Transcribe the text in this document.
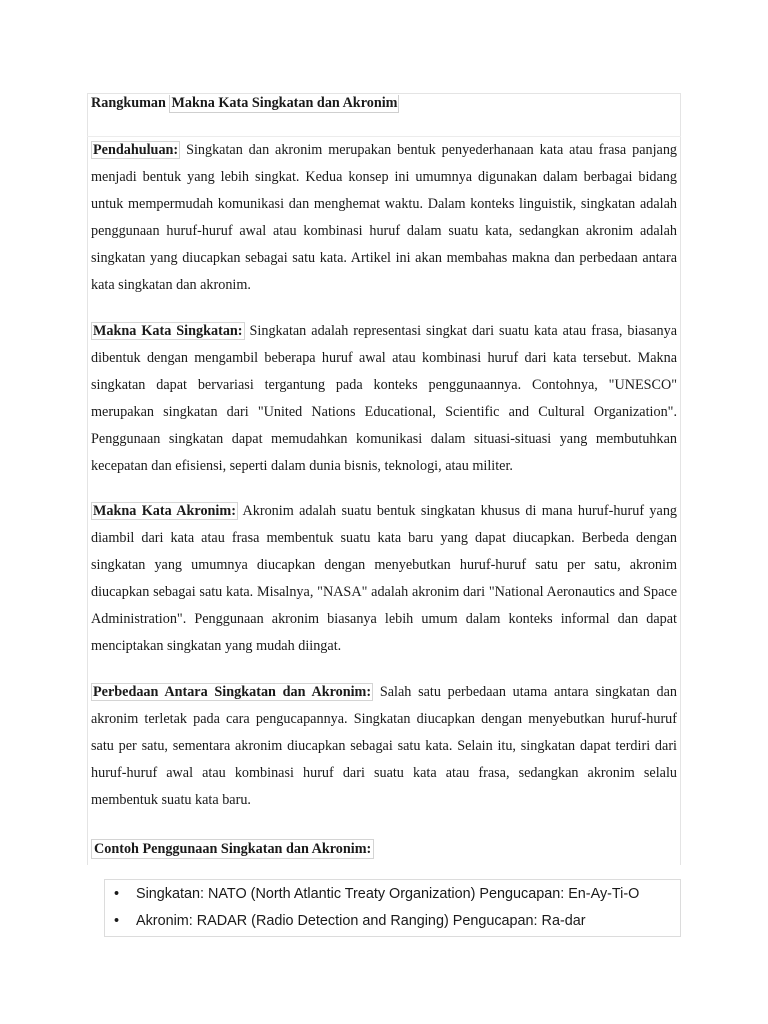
Rangkuman Makna Kata Singkatan dan Akronim

Pendahuluan: Singkatan dan akronim merupakan bentuk penyederhanaan kata atau frasa panjang menjadi bentuk yang lebih singkat. Kedua konsep ini umumnya digunakan dalam berbagai bidang untuk mempermudah komunikasi dan menghemat waktu. Dalam konteks linguistik, singkatan adalah penggunaan huruf-huruf awal atau kombinasi huruf dalam suatu kata, sedangkan akronim adalah singkatan yang diucapkan sebagai satu kata. Artikel ini akan membahas makna dan perbedaan antara kata singkatan dan akronim.

Makna Kata Singkatan: Singkatan adalah representasi singkat dari suatu kata atau frasa, biasanya dibentuk dengan mengambil beberapa huruf awal atau kombinasi huruf dari kata tersebut. Makna singkatan dapat bervariasi tergantung pada konteks penggunaannya. Contohnya, "UNESCO" merupakan singkatan dari "United Nations Educational, Scientific and Cultural Organization". Penggunaan singkatan dapat memudahkan komunikasi dalam situasi-situasi yang membutuhkan kecepatan dan efisiensi, seperti dalam dunia bisnis, teknologi, atau militer.

Makna Kata Akronim: Akronim adalah suatu bentuk singkatan khusus di mana huruf-huruf yang diambil dari kata atau frasa membentuk suatu kata baru yang dapat diucapkan. Berbeda dengan singkatan yang umumnya diucapkan dengan menyebutkan huruf-huruf satu per satu, akronim diucapkan sebagai satu kata. Misalnya, "NASA" adalah akronim dari "National Aeronautics and Space Administration". Penggunaan akronim biasanya lebih umum dalam konteks informal dan dapat menciptakan singkatan yang mudah diingat.

Perbedaan Antara Singkatan dan Akronim: Salah satu perbedaan utama antara singkatan dan akronim terletak pada cara pengucapannya. Singkatan diucapkan dengan menyebutkan huruf-huruf satu per satu, sementara akronim diucapkan sebagai satu kata. Selain itu, singkatan dapat terdiri dari huruf-huruf awal atau kombinasi huruf dari suatu kata atau frasa, sedangkan akronim selalu membentuk suatu kata baru.

Contoh Penggunaan Singkatan dan Akronim:
• Singkatan: NATO (North Atlantic Treaty Organization) Pengucapan: En-Ay-Ti-O
• Akronim: RADAR (Radio Detection and Ranging) Pengucapan: Ra-dar
